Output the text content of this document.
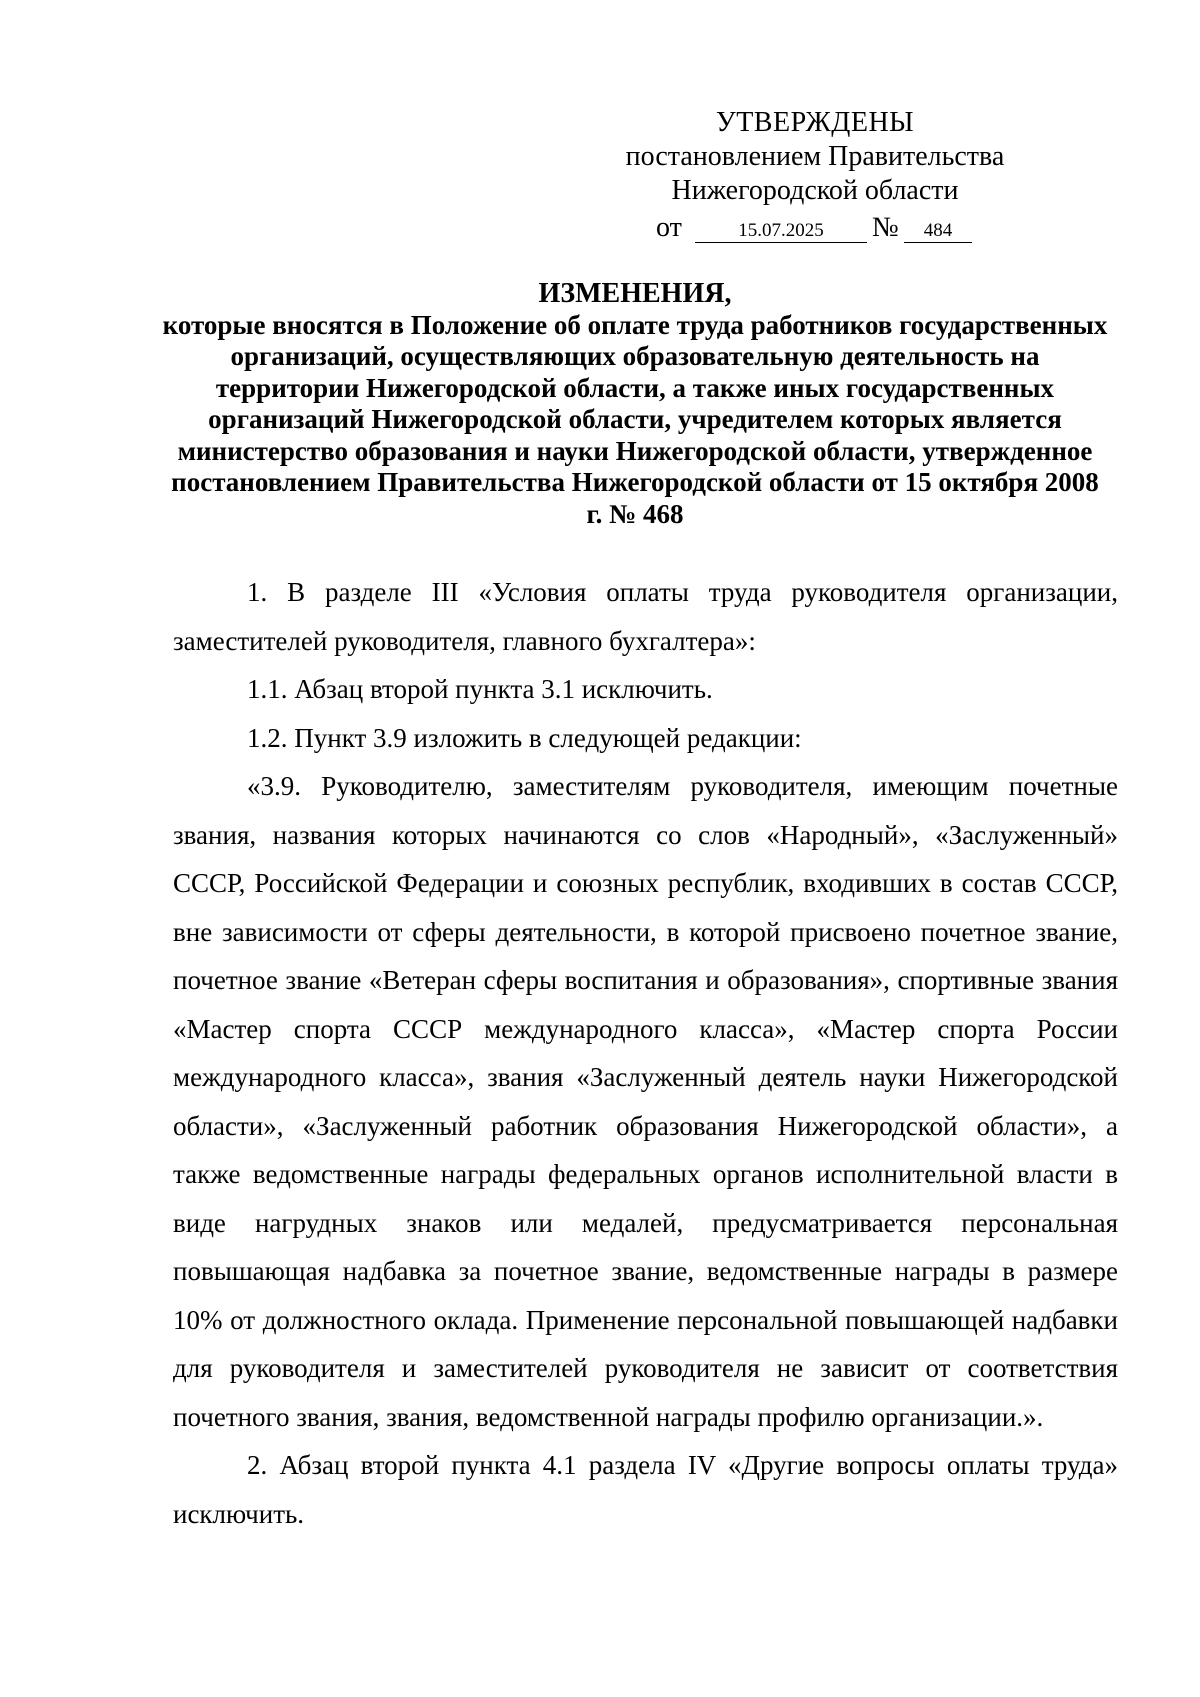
УТВЕРЖДЕНЫ
постановлением Правительства
Нижегородской области
от	15.07.2025	№	484
ИЗМЕНЕНИЯ,
которые вносятся в Положение об оплате труда работников государственных организаций, осуществляющих образовательную деятельность на территории Нижегородской области, а также иных государственных организаций Нижегородской области, учредителем которых является министерство образования и науки Нижегородской области, утвержденное постановлением Правительства Нижегородской области от 15 октября 2008 г. № 468

1. В разделе III «Условия оплаты труда руководителя организации, заместителей руководителя, главного бухгалтера»:

1.1. Абзац второй пункта 3.1 исключить.

1.2. Пункт 3.9 изложить в следующей редакции:

«3.9. Руководителю, заместителям руководителя, имеющим почетные звания, названия которых начинаются со слов «Народный», «Заслуженный» СССР, Российской Федерации и союзных республик, входивших в состав СССР, вне зависимости от сферы деятельности, в которой присвоено почетное звание, почетное звание «Ветеран сферы воспитания и образования», спортивные звания «Мастер спорта СССР международного класса», «Мастер спорта России международного класса», звания «Заслуженный деятель науки Нижегородской области», «Заслуженный работник образования Нижегородской области», а также ведомственные награды федеральных органов исполнительной власти в виде нагрудных знаков или медалей, предусматривается персональная повышающая надбавка за почетное звание, ведомственные награды в размере 10% от должностного оклада. Применение персональной повышающей надбавки для руководителя и заместителей руководителя не зависит от соответствия почетного звания, звания, ведомственной награды профилю организации.».

2. Абзац второй пункта 4.1 раздела IV «Другие вопросы оплаты труда» исключить.
